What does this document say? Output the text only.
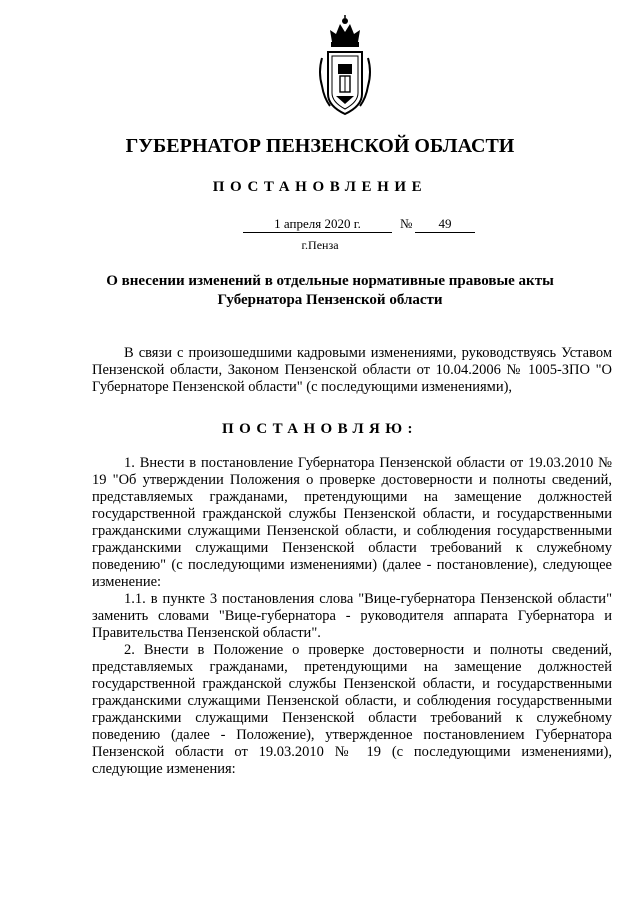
ГУБЕРНАТОР ПЕНЗЕНСКОЙ ОБЛАСТИ
ПОСТАНОВЛЕНИЕ
1 апреля 2020 г.	№	49
г.Пенза
О внесении изменений в отдельные нормативные правовые акты Губернатора Пензенской области

В связи с произошедшими кадровыми изменениями, руководствуясь Уставом Пензенской области, Законом Пензенской области от 10.04.2006 № 1005-ЗПО "О Губернаторе Пензенской области" (с последующими изменениями),

ПОСТАНОВЛЯЮ:

1. Внести в постановление Губернатора Пензенской области от 19.03.2010 № 19 "Об утверждении Положения о проверке достоверности и полноты сведений, представляемых гражданами, претендующими на замещение должностей государственной гражданской службы Пензенской области, и государственными гражданскими служащими Пензенской области, и соблюдения государственными гражданскими служащими Пензенской области требований к служебному поведению" (с последующими изменениями) (далее - постановление), следующее изменение:

1.1. в пункте 3 постановления слова "Вице-губернатора Пензенской области" заменить словами "Вице-губернатора - руководителя аппарата Губернатора и Правительства Пензенской области".

2. Внести в Положение о проверке достоверности и полноты сведений, представляемых гражданами, претендующими на замещение должностей государственной гражданской службы Пензенской области, и государственными гражданскими служащими Пензенской области, и соблюдения государственными гражданскими служащими Пензенской области требований к служебному поведению (далее - Положение), утвержденное постановлением Губернатора Пензенской области от 19.03.2010 № 19 (с последующими изменениями), следующие изменения:
